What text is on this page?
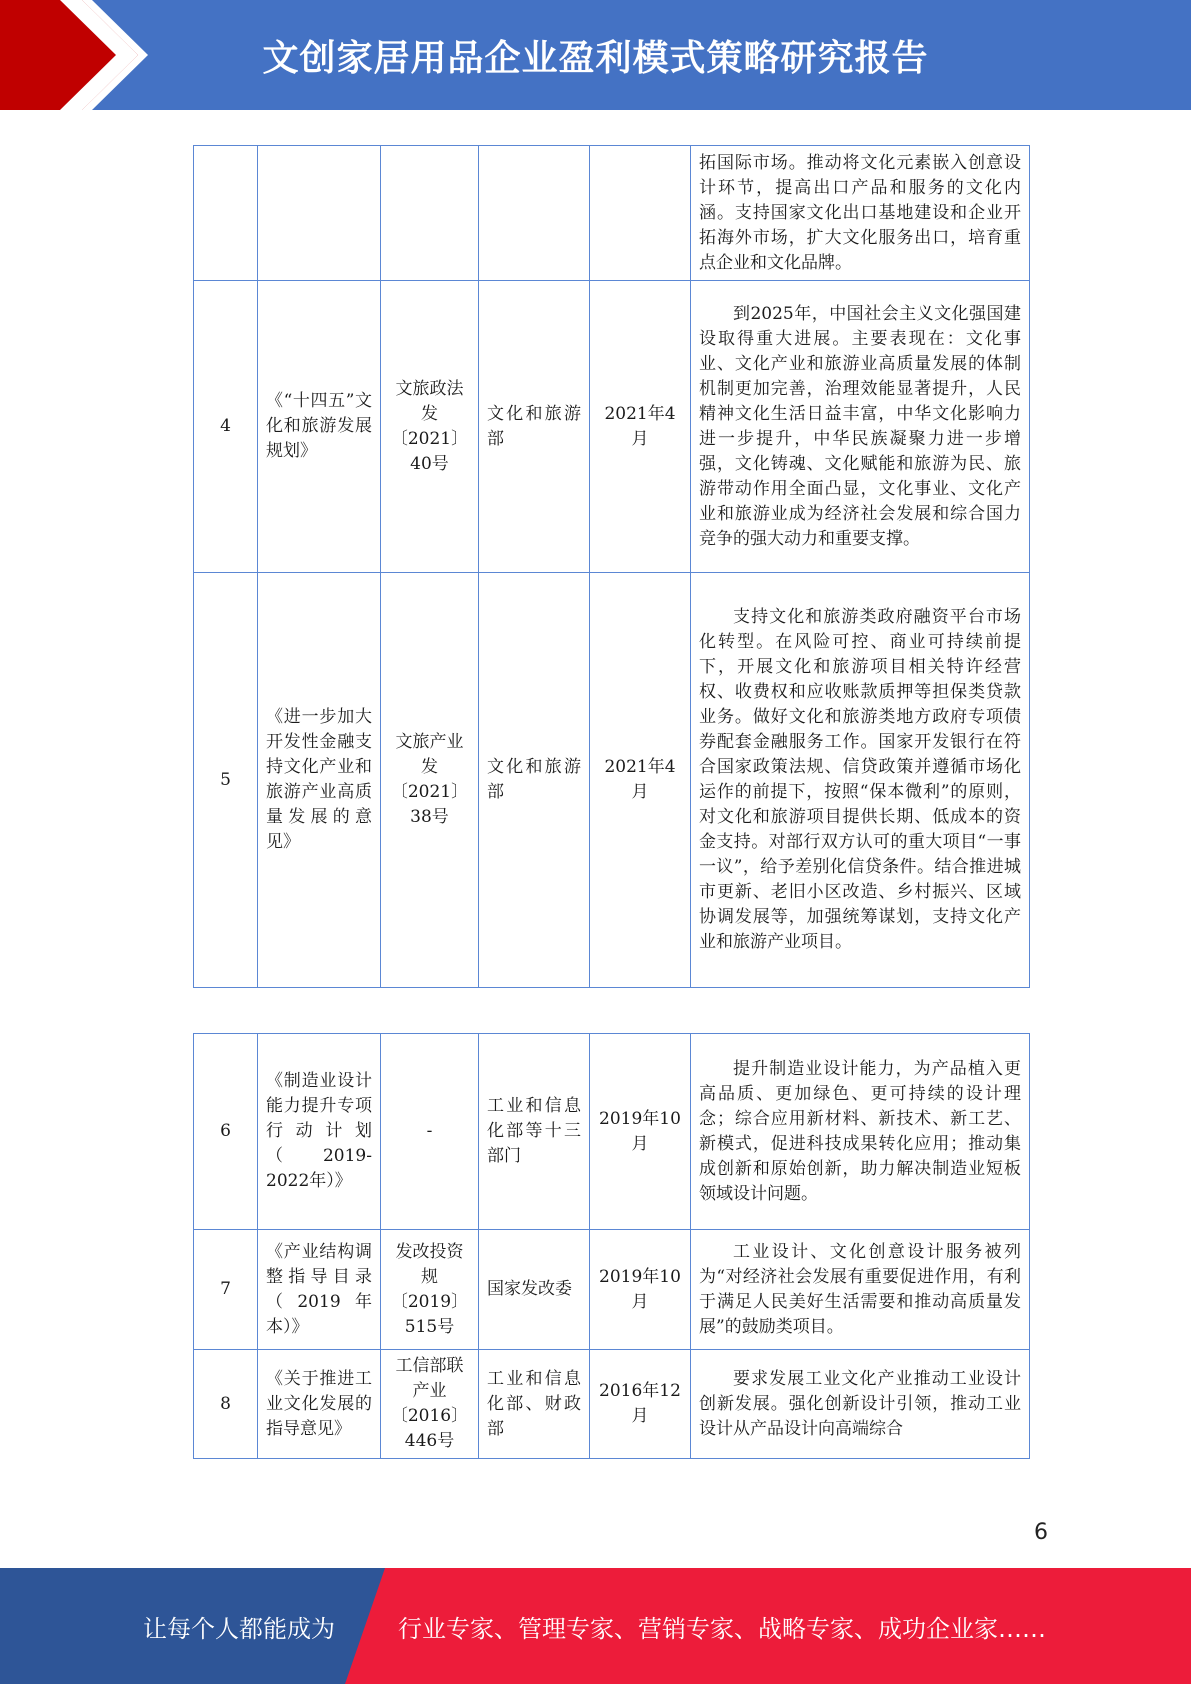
文创家居用品企业盈利模式策略研究报告
					拓国际市场。推动将文化元素嵌入创意设计环节，提高出口产品和服务的文化内涵。支持国家文化出口基地建设和企业开拓海外市场，扩大文化服务出口，培育重点企业和文化品牌。
4	《“十四五”文化和旅游发展规划》	文旅政法发〔2021〕40号	文化和旅游部	2021年4月	到2025年，中国社会主义文化强国建设取得重大进展。主要表现在：文化事业、文化产业和旅游业高质量发展的体制机制更加完善，治理效能显著提升，人民精神文化生活日益丰富，中华文化影响力进一步提升，中华民族凝聚力进一步增强，文化铸魂、文化赋能和旅游为民、旅游带动作用全面凸显，文化事业、文化产业和旅游业成为经济社会发展和综合国力竞争的强大动力和重要支撑。

5	《进一步加大开发性金融支持文化产业和旅游产业高质量发展的意见》	文旅产业发〔2021〕38号	文化和旅游部	2021年4月	支持文化和旅游类政府融资平台市场化转型。在风险可控、商业可持续前提下，开展文化和旅游项目相关特许经营权、收费权和应收账款质押等担保类贷款业务。做好文化和旅游类地方政府专项债券配套金融服务工作。国家开发银行在符合国家政策法规、信贷政策并遵循市场化运作的前提下，按照“保本微利”的原则，对文化和旅游项目提供长期、低成本的资金支持。对部行双方认可的重大项目“一事一议”，给予差别化信贷条件。结合推进城市更新、老旧小区改造、乡村振兴、区域协调发展等，加强统筹谋划，支持文化产业和旅游产业项目。
6	《制造业设计能力提升专项行动计划（2019-2022年）》	-	工业和信息化部等十三部门	2019年10月	提升制造业设计能力，为产品植入更高品质、更加绿色、更可持续的设计理念；综合应用新材料、新技术、新工艺、新模式，促进科技成果转化应用；推动集成创新和原始创新，助力解决制造业短板领域设计问题。

7	《产业结构调整指导目录（2019年本）》	发改投资规〔2019〕515号	国家发改委	2019年10月	工业设计、文化创意设计服务被列为“对经济社会发展有重要促进作用，有利于满足人民美好生活需要和推动高质量发展”的鼓励类项目。

8	《关于推进工业文化发展的指导意见》	工信部联产业〔2016〕446号	工业和信息化部、财政部	2016年12月	要求发展工业文化产业推动工业设计创新发展。强化创新设计引领，推动工业设计从产品设计向高端综合
6
让每个人都能成为	行业专家、管理专家、营销专家、战略专家、成功企业家……
